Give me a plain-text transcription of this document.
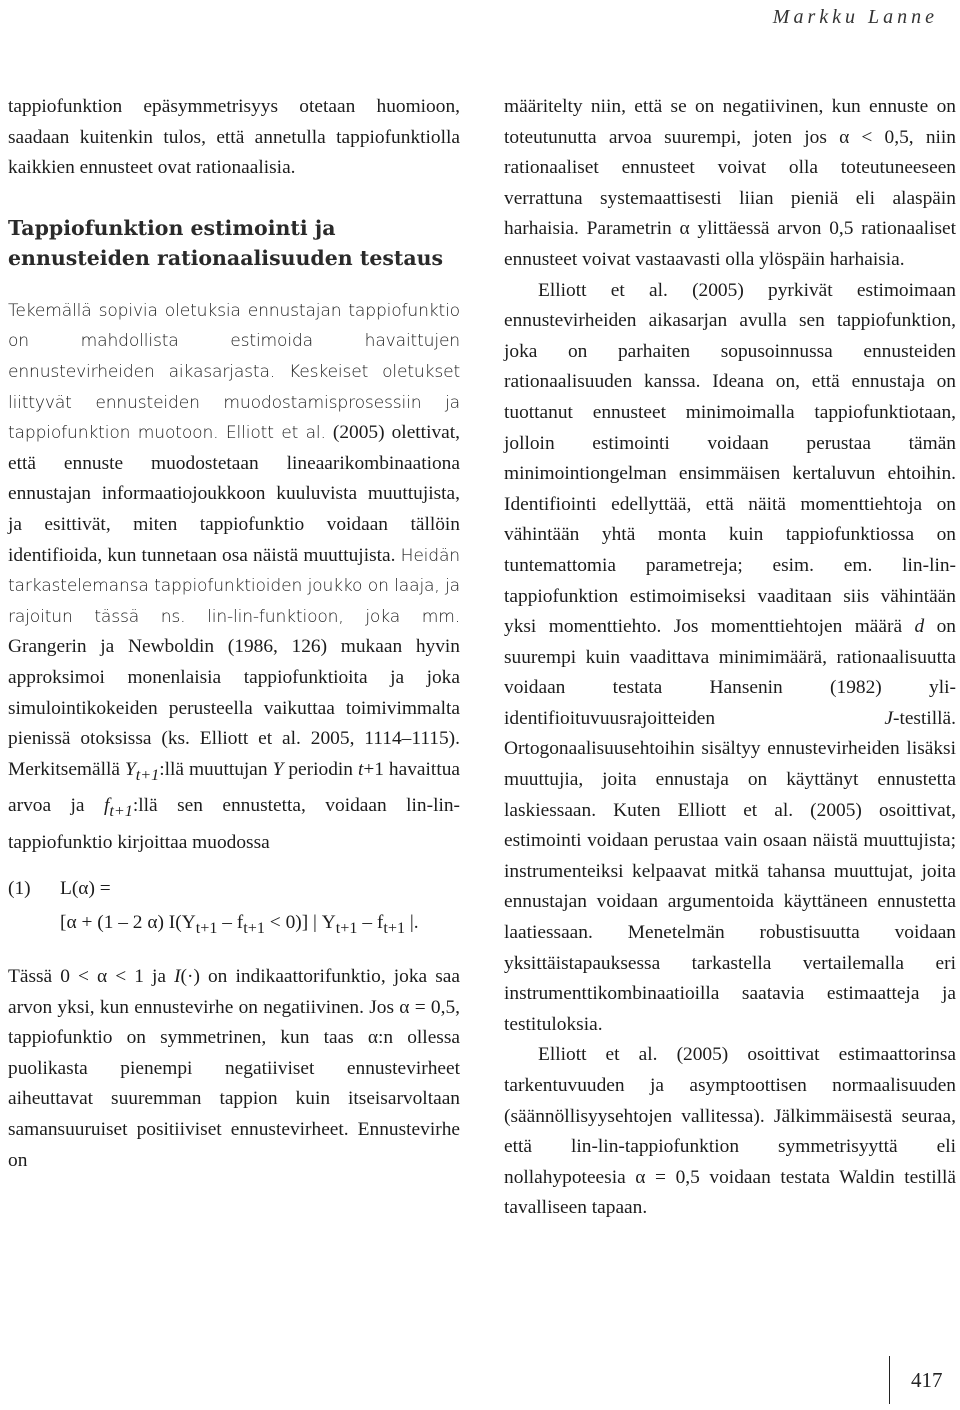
Markku Lanne

tappiofunktion epäsymmetrisyys otetaan huomioon, saadaan kuitenkin tulos, että annetulla tappiofunktiolla kaikkien ennusteet ovat rationaalisia.

Tappiofunktion estimointi ja ennusteiden rationaalisuuden testaus

Tekemällä sopivia oletuksia ennustajan tappiofunktio on mahdollista estimoida havaittujen ennustevirheiden aikasarjasta. Keskeiset oletukset liittyvät ennusteiden muodostamisprosessiin ja tappiofunktion muotoon. Elliott et al. (2005) olettivat, että ennuste muodostetaan lineaarikombinaationa ennustajan informaatiojoukkoon kuuluvista muuttujista, ja esittivät, miten tappiofunktio voidaan tällöin identifioida, kun tunnetaan osa näistä muuttujista. Heidän tarkastelemansa tappiofunktioiden joukko on laaja, ja rajoitun tässä ns. lin-lin-funktioon, joka mm. Grangerin ja Newboldin (1986, 126) mukaan hyvin approksimoi monenlaisia tappiofunktioita ja joka simulointikokeiden perusteella vaikuttaa toimivimmalta pienissä otoksissa (ks. Elliott et al. 2005, 1114–1115). Merkitsemällä $Y_{t+1}:llä$ muuttujan Y periodin t+1 havaittua arvoa ja $f_{t+1}:llä$ sen ennustetta, voidaan lin-lin-tappiofunktio kirjoittaa muodossa

(1) L(α) =
[α + (1 – 2 α) $I(Y_{t+1} - f_{t+1} < 0)$] | $Y_{t+1} - f_{t+1}$ |.

Tässä 0 < α < 1 ja I(·) on indikaattorifunktio, joka saa arvon yksi, kun ennustevirhe on negatiivinen. Jos α = 0,5, tappiofunktio on symmetrinen, kun taas α:n ollessa puolikasta pienempi negatiiviset ennustevirheet aiheuttavat suuremman tappion kuin itseisarvoltaan samansuuruiset positiiviset ennustevirheet. Ennustevirhe on

määritelty niin, että se on negatiivinen, kun ennuste on toteutunutta arvoa suurempi, joten jos α < 0,5, niin rationaaliset ennusteet voivat olla toteutuneeseen verrattuna systemaattisesti liian pieniä eli alaspäin harhaisia. Parametrin α ylittäessä arvon 0,5 rationaaliset ennusteet voivat vastaavasti olla ylöspäin harhaisia.

Elliott et al. (2005) pyrkivät estimoimaan ennustevirheiden aikasarjan avulla sen tappiofunktion, joka on parhaiten sopusoinnussa ennusteiden rationaalisuuden kanssa. Ideana on, että ennustaja on tuottanut ennusteet minimoimalla tappiofunktiotaan, jolloin estimointi voidaan perustaa tämän minimointiongelman ensimmäisen kertaluvun ehtoihin. Identifiointi edellyttää, että näitä momenttiehtoja on vähintään yhtä monta kuin tappiofunktiossa on tuntemattomia parametreja; esim. em. lin-lin-tappiofunktion estimoimiseksi vaaditaan siis vähintään yksi momenttiehto. Jos momenttiehtojen määrä d on suurempi kuin vaadittava minimimäärä, rationaalisuutta voidaan testata Hansenin (1982) yli-identifioituvuusrajoitteiden	J-testillä. Ortogonaalisuusehtoihin sisältyy ennustevirheiden lisäksi muuttujia, joita ennustaja on käyttänyt ennustetta laskiessaan. Kuten Elliott et al. (2005) osoittivat, estimointi voidaan perustaa vain osaan näistä muuttujista; instrumenteiksi kelpaavat mitkä tahansa muuttujat, joita ennustajan voidaan argumentoida käyttäneen ennustetta laatiessaan. Menetelmän robustisuutta voidaan yksittäistapauksessa tarkastella vertailemalla eri instrumenttikombinaatioilla saatavia estimaatteja ja testituloksia.

Elliott et al. (2005) osoittivat estimaattorinsa tarkentuvuuden ja asymptoottisen normaalisuuden (säännöllisyysehtojen vallitessa). Jälkimmäisestä seuraa, että lin-lin-tappiofunktion symmetrisyyttä eli nollahypoteesia α = 0,5 voidaan testata Waldin testillä tavalliseen tapaan.

417
